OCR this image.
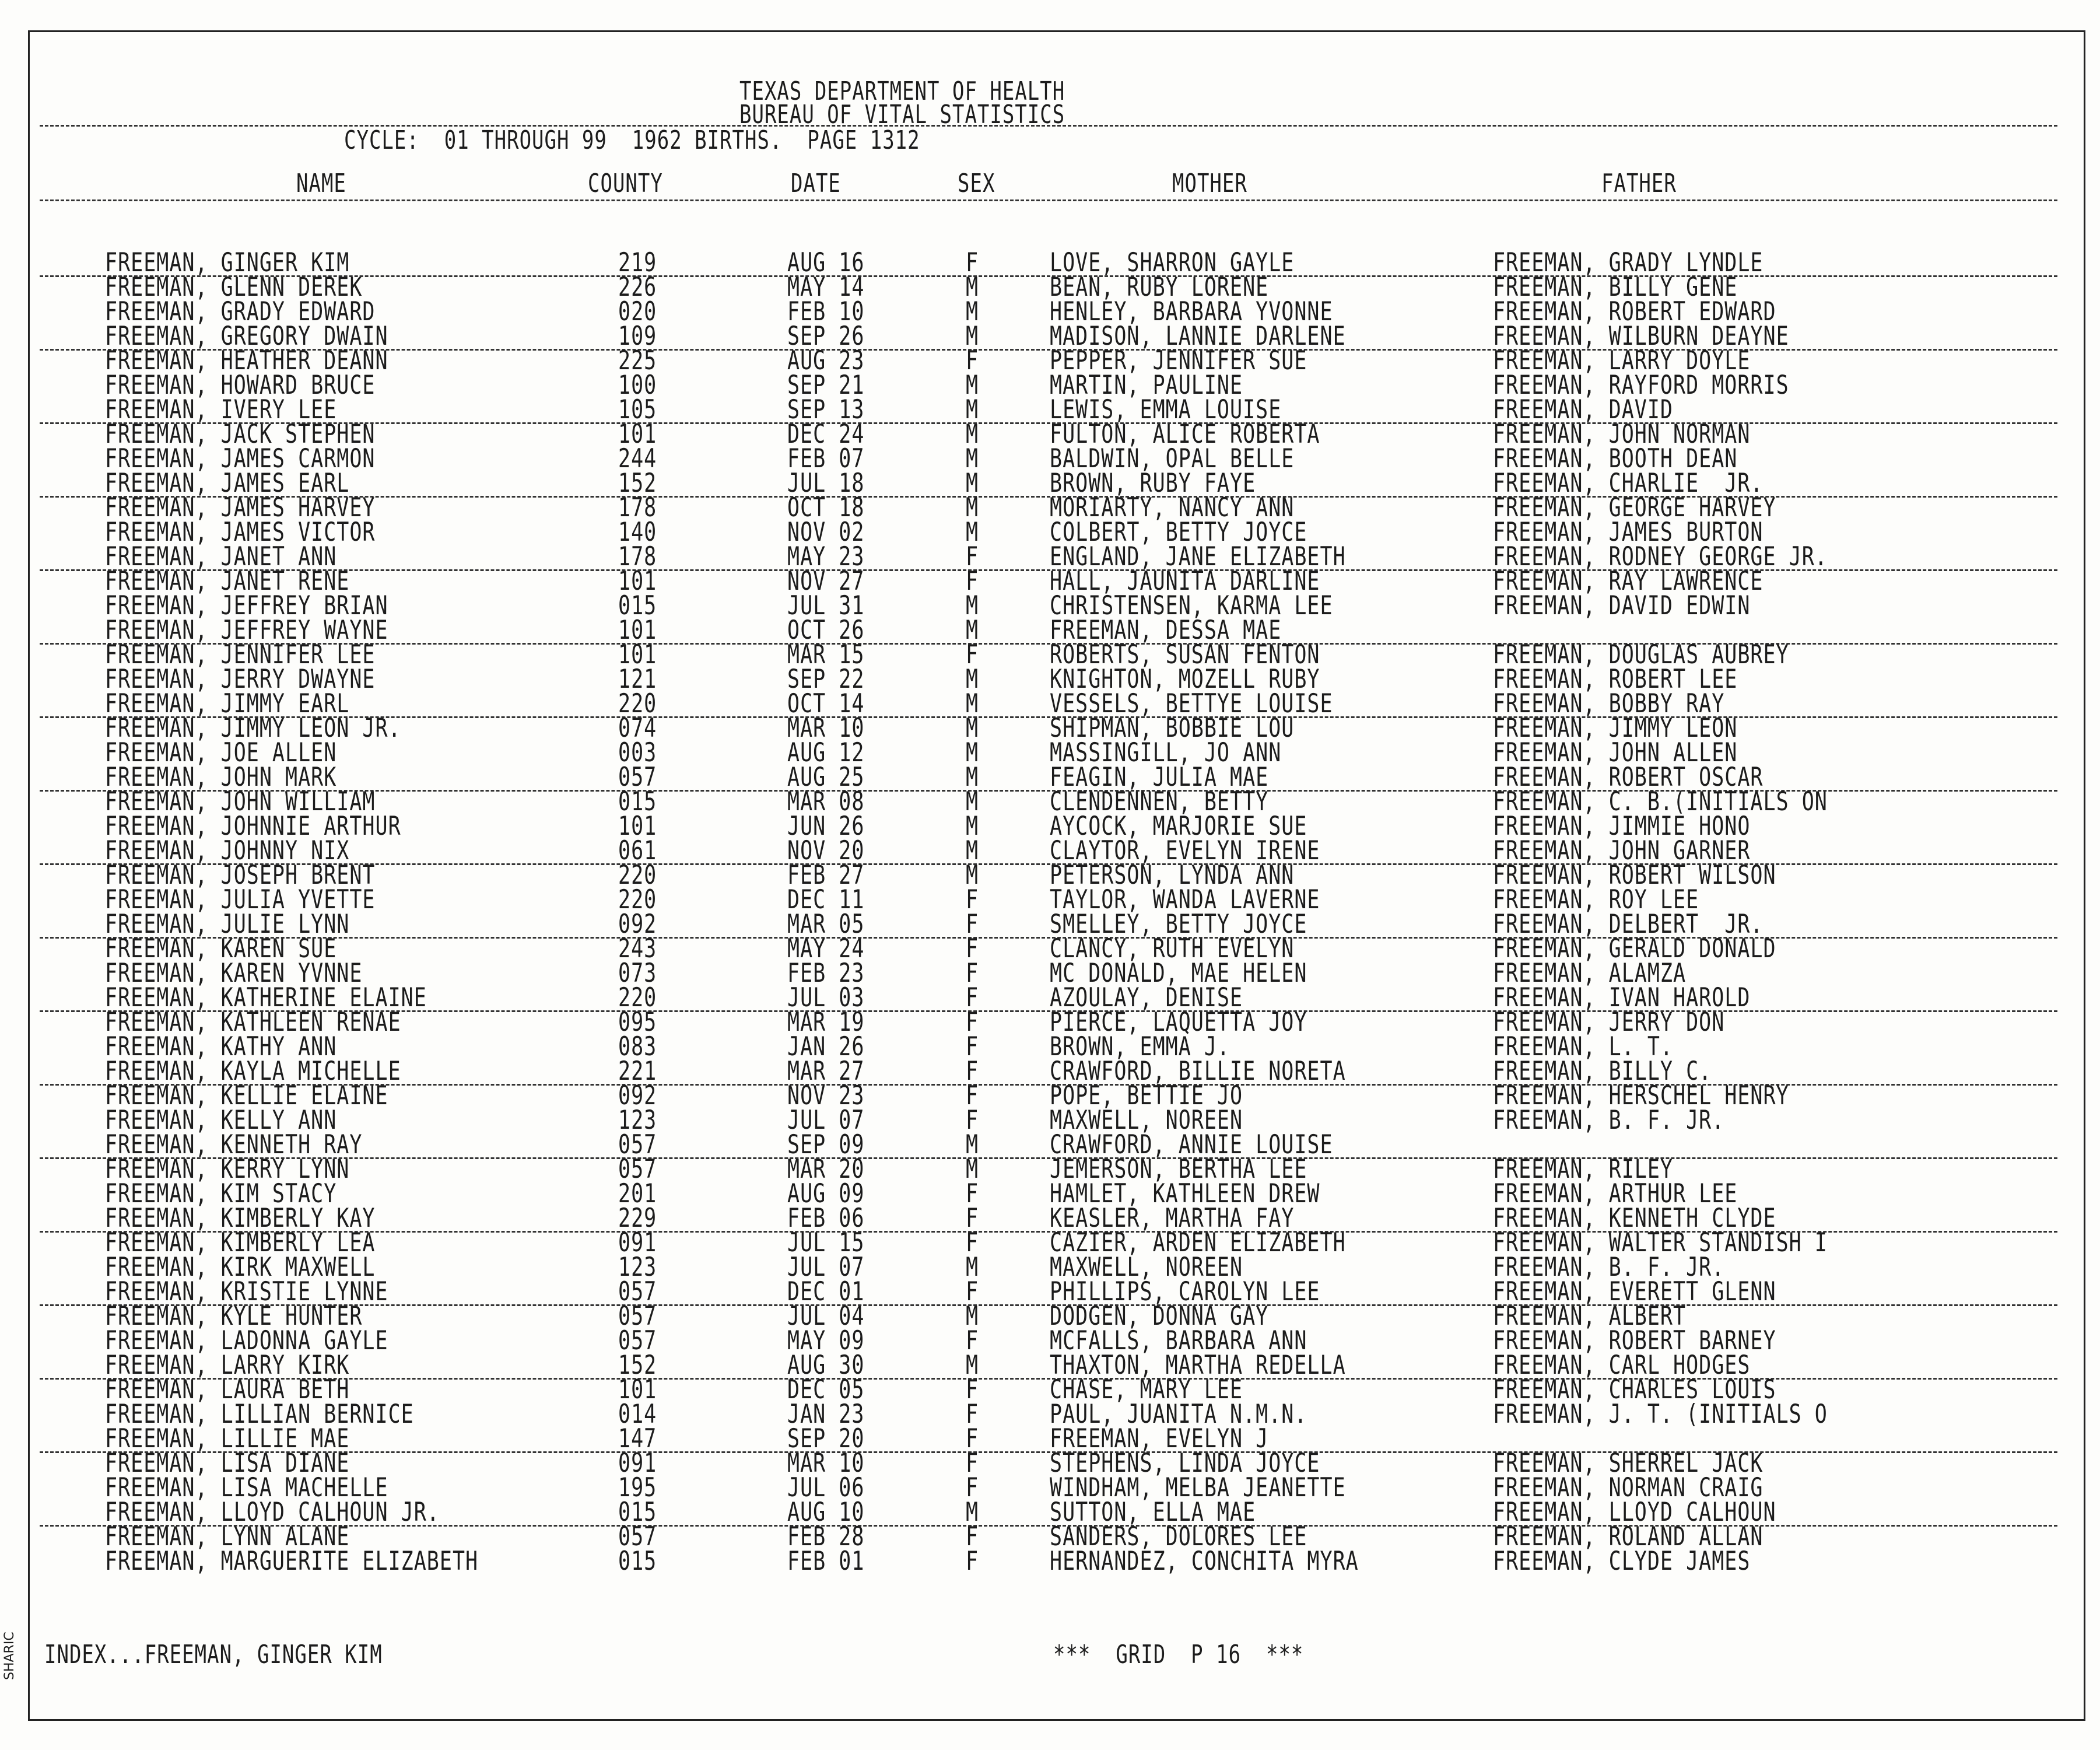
TEXAS DEPARTMENT OF HEALTH
BUREAU OF VITAL STATISTICS
CYCLE:  01 THROUGH 99  1962 BIRTHS.  PAGE 1312
NAME	COUNTY	DATE	SEX	MOTHER	FATHER
FREEMAN, GINGER KIM	219	AUG 16	F	LOVE, SHARRON GAYLE	FREEMAN, GRADY LYNDLE
FREEMAN, GLENN DEREK	226	MAY 14	M	BEAN, RUBY LORENE	FREEMAN, BILLY GENE
FREEMAN, GRADY EDWARD	020	FEB 10	M	HENLEY, BARBARA YVONNE	FREEMAN, ROBERT EDWARD
FREEMAN, GREGORY DWAIN	109	SEP 26	M	MADISON, LANNIE DARLENE	FREEMAN, WILBURN DEAYNE
FREEMAN, HEATHER DEANN	225	AUG 23	F	PEPPER, JENNIFER SUE	FREEMAN, LARRY DOYLE
FREEMAN, HOWARD BRUCE	100	SEP 21	M	MARTIN, PAULINE	FREEMAN, RAYFORD MORRIS
FREEMAN, IVERY LEE	105	SEP 13	M	LEWIS, EMMA LOUISE	FREEMAN, DAVID
FREEMAN, JACK STEPHEN	101	DEC 24	M	FULTON, ALICE ROBERTA	FREEMAN, JOHN NORMAN
FREEMAN, JAMES CARMON	244	FEB 07	M	BALDWIN, OPAL BELLE	FREEMAN, BOOTH DEAN
FREEMAN, JAMES EARL	152	JUL 18	M	BROWN, RUBY FAYE	FREEMAN, CHARLIE  JR.
FREEMAN, JAMES HARVEY	178	OCT 18	M	MORIARTY, NANCY ANN	FREEMAN, GEORGE HARVEY
FREEMAN, JAMES VICTOR	140	NOV 02	M	COLBERT, BETTY JOYCE	FREEMAN, JAMES BURTON
FREEMAN, JANET ANN	178	MAY 23	F	ENGLAND, JANE ELIZABETH	FREEMAN, RODNEY GEORGE JR.
FREEMAN, JANET RENE	101	NOV 27	F	HALL, JAUNITA DARLINE	FREEMAN, RAY LAWRENCE
FREEMAN, JEFFREY BRIAN	015	JUL 31	M	CHRISTENSEN, KARMA LEE	FREEMAN, DAVID EDWIN
FREEMAN, JEFFREY WAYNE	101	OCT 26	M	FREEMAN, DESSA MAE
FREEMAN, JENNIFER LEE	101	MAR 15	F	ROBERTS, SUSAN FENTON	FREEMAN, DOUGLAS AUBREY
FREEMAN, JERRY DWAYNE	121	SEP 22	M	KNIGHTON, MOZELL RUBY	FREEMAN, ROBERT LEE
FREEMAN, JIMMY EARL	220	OCT 14	M	VESSELS, BETTYE LOUISE	FREEMAN, BOBBY RAY
FREEMAN, JIMMY LEON JR.	074	MAR 10	M	SHIPMAN, BOBBIE LOU	FREEMAN, JIMMY LEON
FREEMAN, JOE ALLEN	003	AUG 12	M	MASSINGILL, JO ANN	FREEMAN, JOHN ALLEN
FREEMAN, JOHN MARK	057	AUG 25	M	FEAGIN, JULIA MAE	FREEMAN, ROBERT OSCAR
FREEMAN, JOHN WILLIAM	015	MAR 08	M	CLENDENNEN, BETTY	FREEMAN, C. B.(INITIALS ON
FREEMAN, JOHNNIE ARTHUR	101	JUN 26	M	AYCOCK, MARJORIE SUE	FREEMAN, JIMMIE HONO
FREEMAN, JOHNNY NIX	061	NOV 20	M	CLAYTOR, EVELYN IRENE	FREEMAN, JOHN GARNER
FREEMAN, JOSEPH BRENT	220	FEB 27	M	PETERSON, LYNDA ANN	FREEMAN, ROBERT WILSON
FREEMAN, JULIA YVETTE	220	DEC 11	F	TAYLOR, WANDA LAVERNE	FREEMAN, ROY LEE
FREEMAN, JULIE LYNN	092	MAR 05	F	SMELLEY, BETTY JOYCE	FREEMAN, DELBERT  JR.
FREEMAN, KAREN SUE	243	MAY 24	F	CLANCY, RUTH EVELYN	FREEMAN, GERALD DONALD
FREEMAN, KAREN YVNNE	073	FEB 23	F	MC DONALD, MAE HELEN	FREEMAN, ALAMZA
FREEMAN, KATHERINE ELAINE	220	JUL 03	F	AZOULAY, DENISE	FREEMAN, IVAN HAROLD
FREEMAN, KATHLEEN RENAE	095	MAR 19	F	PIERCE, LAQUETTA JOY	FREEMAN, JERRY DON
FREEMAN, KATHY ANN	083	JAN 26	F	BROWN, EMMA J.	FREEMAN, L. T.
FREEMAN, KAYLA MICHELLE	221	MAR 27	F	CRAWFORD, BILLIE NORETA	FREEMAN, BILLY C.
FREEMAN, KELLIE ELAINE	092	NOV 23	F	POPE, BETTIE JO	FREEMAN, HERSCHEL HENRY
FREEMAN, KELLY ANN	123	JUL 07	F	MAXWELL, NOREEN	FREEMAN, B. F. JR.
FREEMAN, KENNETH RAY	057	SEP 09	M	CRAWFORD, ANNIE LOUISE
FREEMAN, KERRY LYNN	057	MAR 20	M	JEMERSON, BERTHA LEE	FREEMAN, RILEY
FREEMAN, KIM STACY	201	AUG 09	F	HAMLET, KATHLEEN DREW	FREEMAN, ARTHUR LEE
FREEMAN, KIMBERLY KAY	229	FEB 06	F	KEASLER, MARTHA FAY	FREEMAN, KENNETH CLYDE
FREEMAN, KIMBERLY LEA	091	JUL 15	F	CAZIER, ARDEN ELIZABETH	FREEMAN, WALTER STANDISH I
FREEMAN, KIRK MAXWELL	123	JUL 07	M	MAXWELL, NOREEN	FREEMAN, B. F. JR.
FREEMAN, KRISTIE LYNNE	057	DEC 01	F	PHILLIPS, CAROLYN LEE	FREEMAN, EVERETT GLENN
FREEMAN, KYLE HUNTER	057	JUL 04	M	DODGEN, DONNA GAY	FREEMAN, ALBERT
FREEMAN, LADONNA GAYLE	057	MAY 09	F	MCFALLS, BARBARA ANN	FREEMAN, ROBERT BARNEY
FREEMAN, LARRY KIRK	152	AUG 30	M	THAXTON, MARTHA REDELLA	FREEMAN, CARL HODGES
FREEMAN, LAURA BETH	101	DEC 05	F	CHASE, MARY LEE	FREEMAN, CHARLES LOUIS
FREEMAN, LILLIAN BERNICE	014	JAN 23	F	PAUL, JUANITA N.M.N.	FREEMAN, J. T. (INITIALS O
FREEMAN, LILLIE MAE	147	SEP 20	F	FREEMAN, EVELYN J
FREEMAN, LISA DIANE	091	MAR 10	F	STEPHENS, LINDA JOYCE	FREEMAN, SHERREL JACK
FREEMAN, LISA MACHELLE	195	JUL 06	F	WINDHAM, MELBA JEANETTE	FREEMAN, NORMAN CRAIG
FREEMAN, LLOYD CALHOUN JR.	015	AUG 10	M	SUTTON, ELLA MAE	FREEMAN, LLOYD CALHOUN
FREEMAN, LYNN ALANE	057	FEB 28	F	SANDERS, DOLORES LEE	FREEMAN, ROLAND ALLAN
FREEMAN, MARGUERITE ELIZABETH	015	FEB 01	F	HERNANDEZ, CONCHITA MYRA	FREEMAN, CLYDE JAMES
INDEX...FREEMAN, GINGER KIM	***  GRID  P 16  ***
SHARIC
